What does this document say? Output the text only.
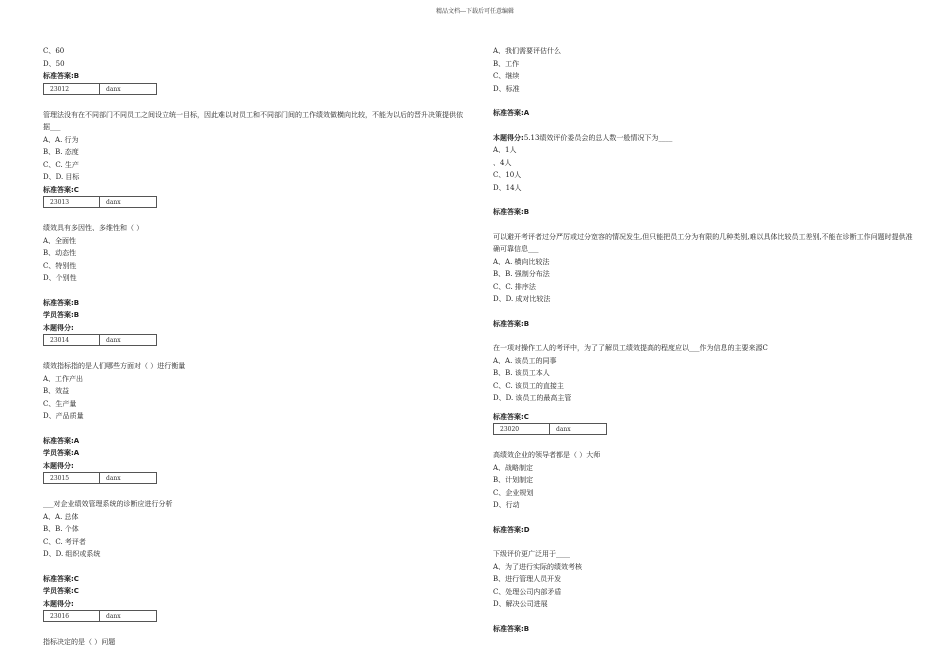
精品文档---下载后可任意编辑
C、60
D、50
标准答案:B
23012	danx
管理法没有在不同部门不同员工之间设立统一目标，因此难以对员工和不同部门间的工作绩效做横向比较，不能为以后的晋升决策提供依据___
A、A. 行为
B、B. 态度
C、C. 生产
D、D. 目标
标准答案:C
23013	danx
绩效具有多因性、多维性和（ ）
A、全面性
B、动态性
C、特别性
D、个别性
标准答案:B
学员答案:B
本题得分:
23014	danx
绩效指标指的是人们哪些方面对（ ）进行衡量
A、工作产出
B、效益
C、生产量
D、产品质量
标准答案:A
学员答案:A
本题得分:
23015	danx
___对企业绩效管理系统的诊断应进行分析
A、A. 总体
B、B. 个体
C、C. 考评者
D、D. 组织或系统
标准答案:C
学员答案:C
本题得分:
23016	danx
指标决定的是（ ）问题
A、我们需要评估什么
B、工作
C、继续
D、标准
标准答案:A
本题得分:5.13绩效评价委员会的总人数一般情况下为____
A、1人
、4人
C、10人
D、14人
标准答案:B
可以避开考评者过分严厉或过分宽容的情况发生,但只能把员工分为有限的几种类别,难以具体比较员工差别,不能在诊断工作问题时提供准确可靠信息___
A、A. 横向比较法
B、B. 强制分布法
C、C. 排序法
D、D. 成对比较法
标准答案:B
在一项对操作工人的考评中，为了了解员工绩效提高的程度应以___作为信息的主要来源C
A、A. 该员工的同事
B、B. 该员工本人
C、C. 该员工的直接主
D、D. 该员工的最高主管
标准答案:C
23020	danx
高绩效企业的领导者都是（ ）大师
A、战略制定
B、计划制定
C、企业规划
D、行动
标准答案:D
下级评价更广泛用于____
A、为了进行实际的绩效考核
B、进行管理人员开发
C、处理公司内部矛盾
D、解决公司进展
标准答案:B
